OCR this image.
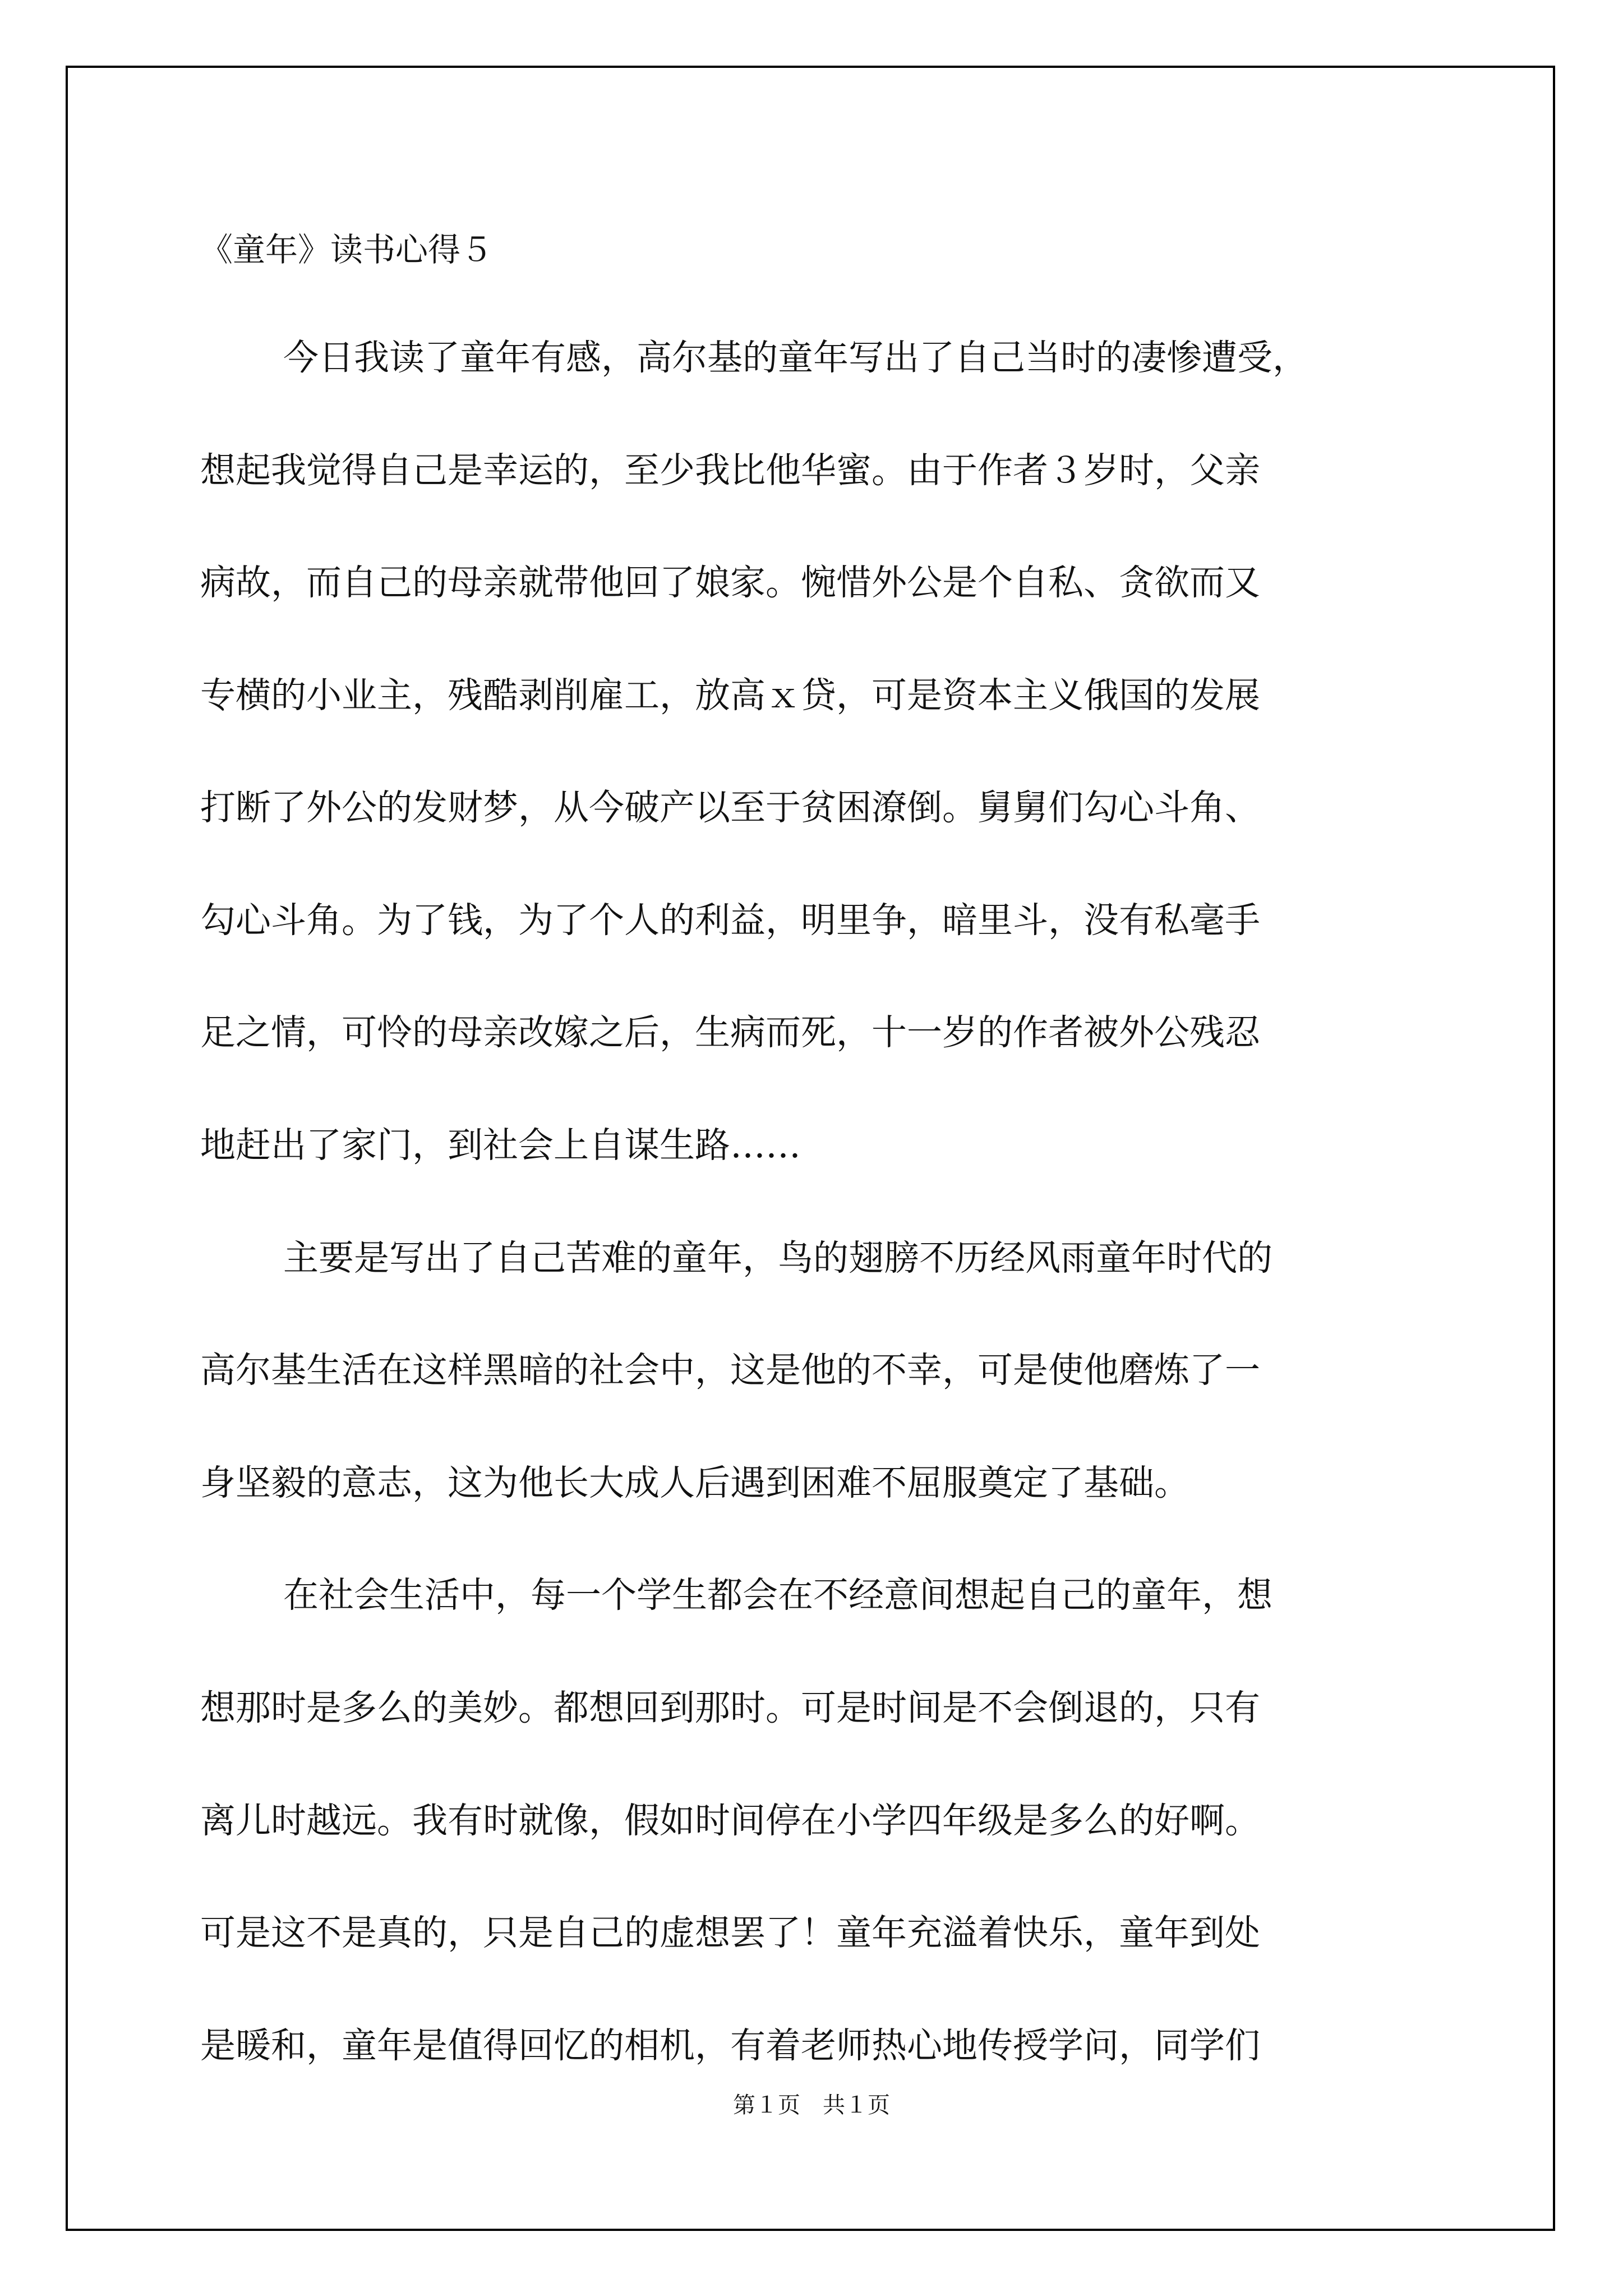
《童年》读书心得５
今日我读了童年有感，高尔基的童年写出了自己当时的凄惨遭受，
想起我觉得自己是幸运的，至少我比他华蜜。由于作者３岁时，父亲
病故，而自己的母亲就带他回了娘家。惋惜外公是个自私、贪欲而又
专横的小业主，残酷剥削雇工，放高ｘ贷，可是资本主义俄国的发展
打断了外公的发财梦，从今破产以至于贫困潦倒。舅舅们勾心斗角、
勾心斗角。为了钱，为了个人的利益，明里争，暗里斗，没有私毫手
足之情，可怜的母亲改嫁之后，生病而死，十一岁的作者被外公残忍
地赶出了家门，到社会上自谋生路……
主要是写出了自己苦难的童年，鸟的翅膀不历经风雨童年时代的
高尔基生活在这样黑暗的社会中，这是他的不幸，可是使他磨炼了一
身坚毅的意志，这为他长大成人后遇到困难不屈服奠定了基础。
在社会生活中，每一个学生都会在不经意间想起自己的童年，想
想那时是多么的美妙。都想回到那时。可是时间是不会倒退的，只有
离儿时越远。我有时就像，假如时间停在小学四年级是多么的好啊。
可是这不是真的，只是自己的虚想罢了！童年充溢着快乐，童年到处
是暖和，童年是值得回忆的相机，有着老师热心地传授学问，同学们
第１页　共１页
